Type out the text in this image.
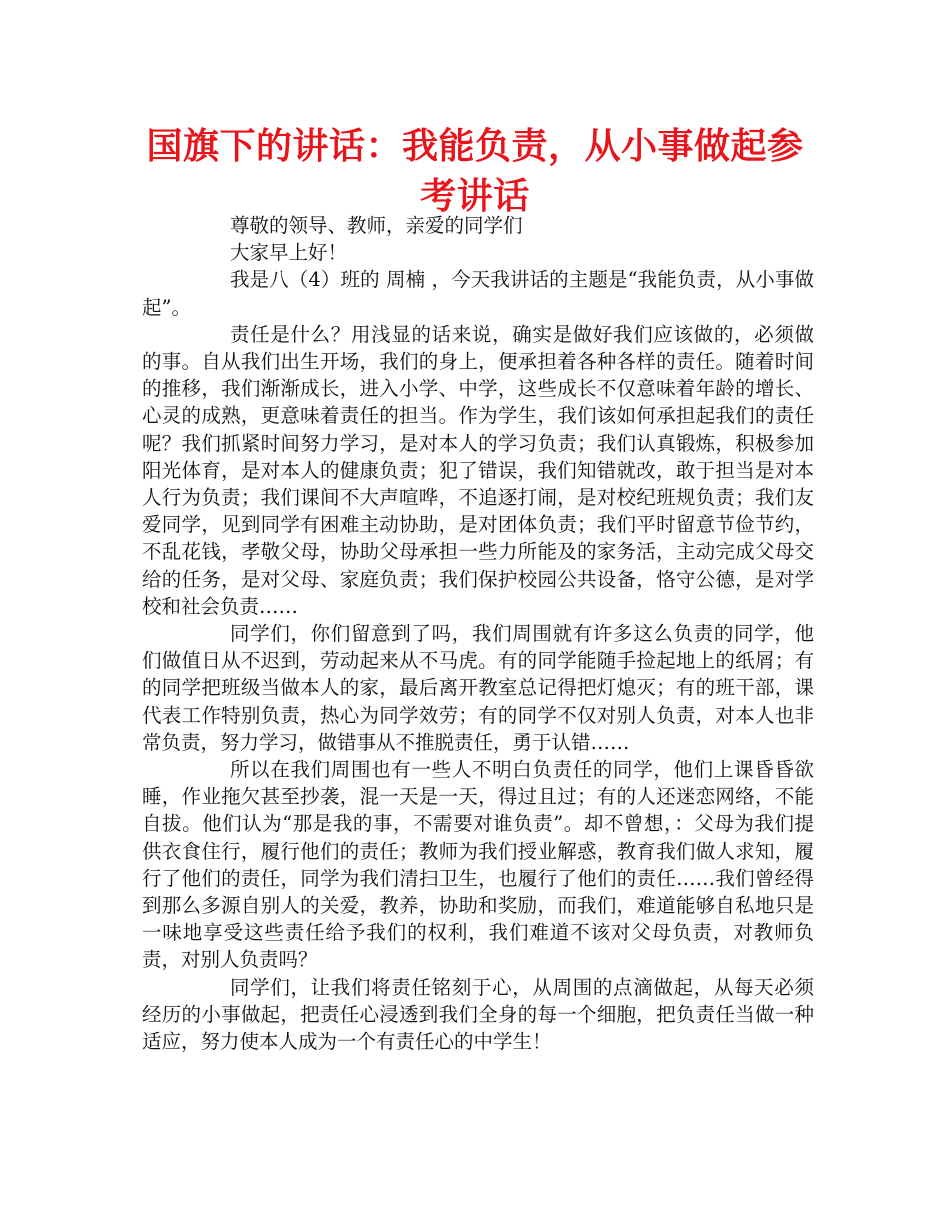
国旗下的讲话：我能负责，从小事做起参考讲话

尊敬的领导、教师，亲爱的同学们

大家早上好！

我是八（4）班的 周楠 ，今天我讲话的主题是“我能负责，从小事做起”。

责任是什么？用浅显的话来说，确实是做好我们应该做的，必须做的事。自从我们出生开场，我们的身上，便承担着各种各样的责任。随着时间的推移，我们渐渐成长，进入小学、中学，这些成长不仅意味着年龄的增长、心灵的成熟，更意味着责任的担当。作为学生，我们该如何承担起我们的责任呢？我们抓紧时间努力学习，是对本人的学习负责；我们认真锻炼，积极参加阳光体育，是对本人的健康负责；犯了错误，我们知错就改，敢于担当是对本人行为负责；我们课间不大声喧哗，不追逐打闹，是对校纪班规负责；我们友爱同学，见到同学有困难主动协助，是对团体负责；我们平时留意节俭节约，不乱花钱，孝敬父母，协助父母承担一些力所能及的家务活，主动完成父母交给的任务，是对父母、家庭负责；我们保护校园公共设备，恪守公德，是对学校和社会负责……

同学们，你们留意到了吗，我们周围就有许多这么负责的同学，他们做值日从不迟到，劳动起来从不马虎。有的同学能随手捡起地上的纸屑；有的同学把班级当做本人的家，最后离开教室总记得把灯熄灭；有的班干部，课代表工作特别负责，热心为同学效劳；有的同学不仅对别人负责，对本人也非常负责，努力学习，做错事从不推脱责任，勇于认错……

所以在我们周围也有一些人不明白负责任的同学，他们上课昏昏欲睡，作业拖欠甚至抄袭，混一天是一天，得过且过；有的人还迷恋网络，不能自拔。他们认为“那是我的事，不需要对谁负责”。却不曾想，：父母为我们提供衣食住行，履行他们的责任；教师为我们授业解惑，教育我们做人求知，履行了他们的责任，同学为我们清扫卫生，也履行了他们的责任……我们曾经得到那么多源自别人的关爱，教养，协助和奖励，而我们，难道能够自私地只是一味地享受这些责任给予我们的权利，我们难道不该对父母负责，对教师负责，对别人负责吗？

同学们，让我们将责任铭刻于心，从周围的点滴做起，从每天必须经历的小事做起，把责任心浸透到我们全身的每一个细胞，把负责任当做一种适应，努力使本人成为一个有责任心的中学生！
